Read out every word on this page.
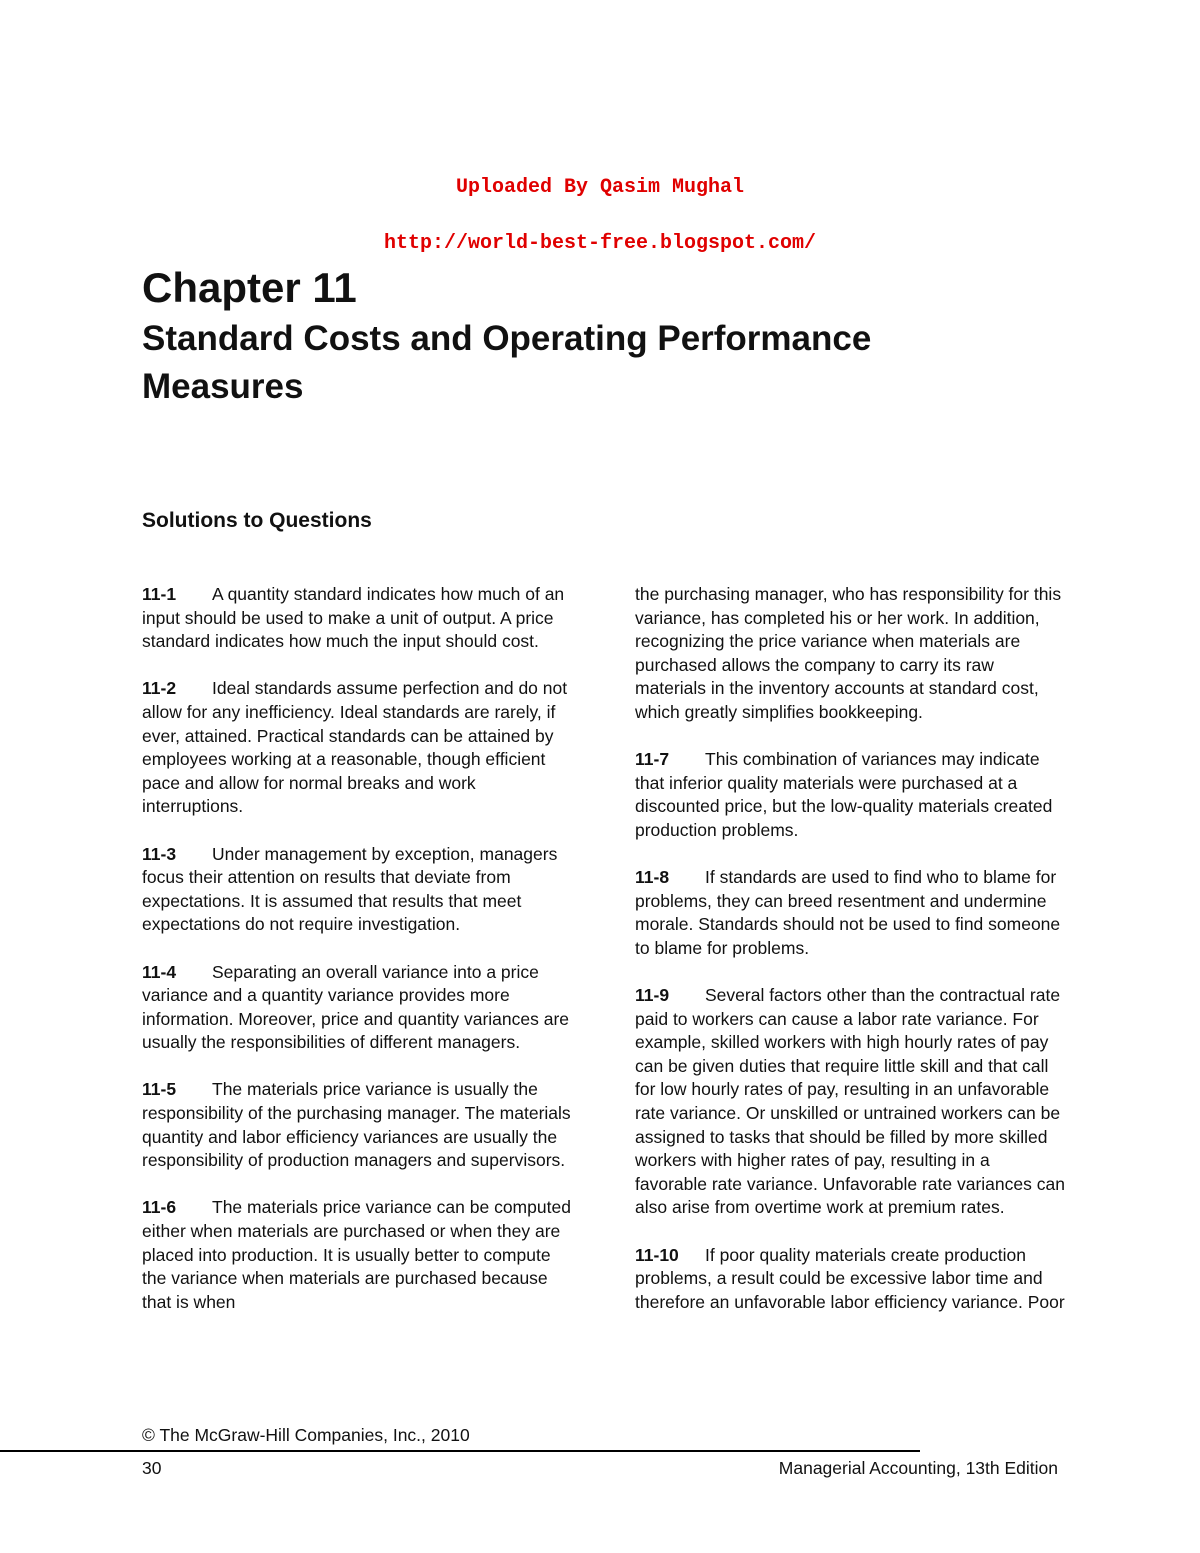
Uploaded By Qasim Mughal
http://world-best-free.blogspot.com/
Chapter 11
Standard Costs and Operating Performance Measures
Solutions to Questions

11-1 A quantity standard indicates how much of an input should be used to make a unit of output. A price standard indicates how much the input should cost.

11-2 Ideal standards assume perfection and do not allow for any inefficiency. Ideal standards are rarely, if ever, attained. Practical standards can be attained by employees working at a reasonable, though efficient pace and allow for normal breaks and work interruptions.

11-3 Under management by exception, managers focus their attention on results that deviate from expectations. It is assumed that results that meet expectations do not require investigation.

11-4 Separating an overall variance into a price variance and a quantity variance provides more information. Moreover, price and quantity variances are usually the responsibilities of different managers.

11-5 The materials price variance is usually the responsibility of the purchasing manager. The materials quantity and labor efficiency variances are usually the responsibility of production managers and supervisors.

11-6 The materials price variance can be computed either when materials are purchased or when they are placed into production. It is usually better to compute the variance when materials are purchased because that is when

the purchasing manager, who has responsibility for this variance, has completed his or her work. In addition, recognizing the price variance when materials are purchased allows the company to carry its raw materials in the inventory accounts at standard cost, which greatly simplifies bookkeeping.

11-7 This combination of variances may indicate that inferior quality materials were purchased at a discounted price, but the low-quality materials created production problems.

11-8 If standards are used to find who to blame for problems, they can breed resentment and undermine morale. Standards should not be used to find someone to blame for problems.

11-9 Several factors other than the contractual rate paid to workers can cause a labor rate variance. For example, skilled workers with high hourly rates of pay can be given duties that require little skill and that call for low hourly rates of pay, resulting in an unfavorable rate variance. Or unskilled or untrained workers can be assigned to tasks that should be filled by more skilled workers with higher rates of pay, resulting in a favorable rate variance. Unfavorable rate variances can also arise from overtime work at premium rates.

11-10 If poor quality materials create production problems, a result could be excessive labor time and therefore an unfavorable labor efficiency variance. Poor

© The McGraw-Hill Companies, Inc., 2010
30	Managerial Accounting, 13th Edition
